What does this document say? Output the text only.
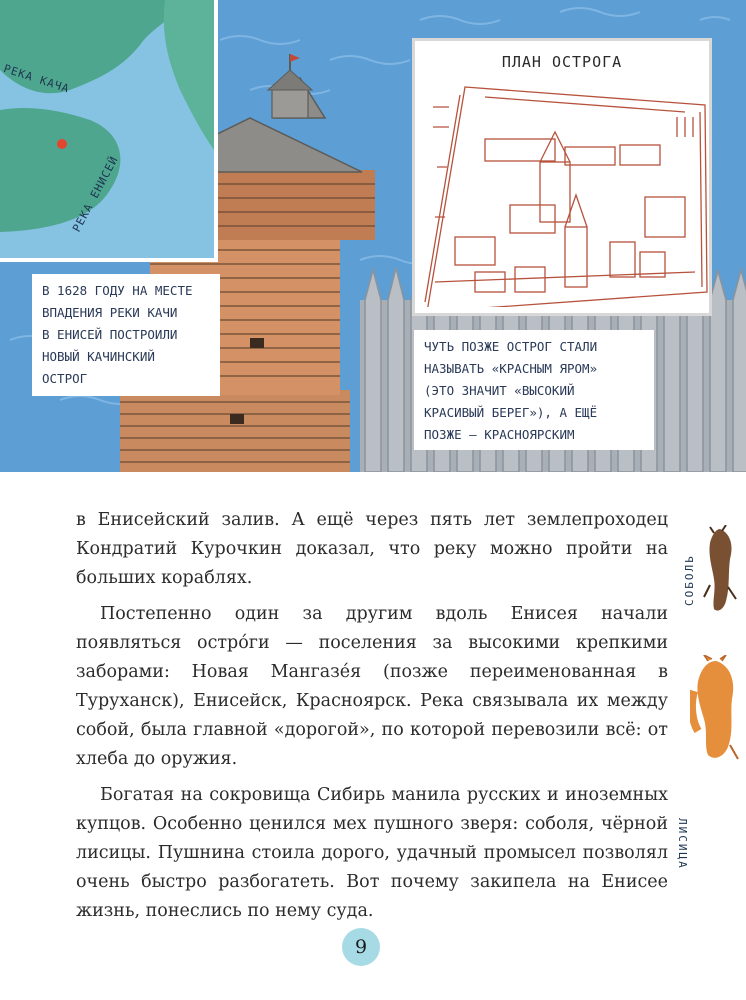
РЕКА КАЧА
РЕКА ЕНИСЕЙ
ПЛАН ОСТРОГА
В 1628 ГОДУ НА МЕСТЕ
ВПАДЕНИЯ РЕКИ КАЧИ
В ЕНИСЕЙ ПОСТРОИЛИ
НОВЫЙ КАЧИНСКИЙ
ОСТРОГ
ЧУТЬ ПОЗЖЕ ОСТРОГ СТАЛИ
НАЗЫВАТЬ «КРАСНЫМ ЯРОМ»
(ЭТО ЗНАЧИТ «ВЫСОКИЙ
КРАСИВЫЙ БЕРЕГ»), А ЕЩЁ
ПОЗЖЕ – КРАСНОЯРСКИМ

в Енисейский залив. А ещё через пять лет землепроходец Кондратий Курочкин доказал, что реку можно пройти на больших кораблях.

Постепенно один за другим вдоль Енисея начали появляться остро́ги — поселения за высокими крепкими заборами: Новая Мангазе́я (позже переименованная в Туруханск), Енисейск, Красноярск. Река связывала их между собой, была главной «дорогой», по которой перевозили всё: от хлеба до оружия.

Богатая на сокровища Сибирь манила русских и иноземных купцов. Особенно ценился мех пушного зверя: соболя, чёрной лисицы. Пушнина стоила дорого, удачный промысел позволял очень быстро разбогатеть. Вот почему закипела на Енисее жизнь, понеслись по нему суда.

СОБОЛЬ
ЛИСИЦА
9
